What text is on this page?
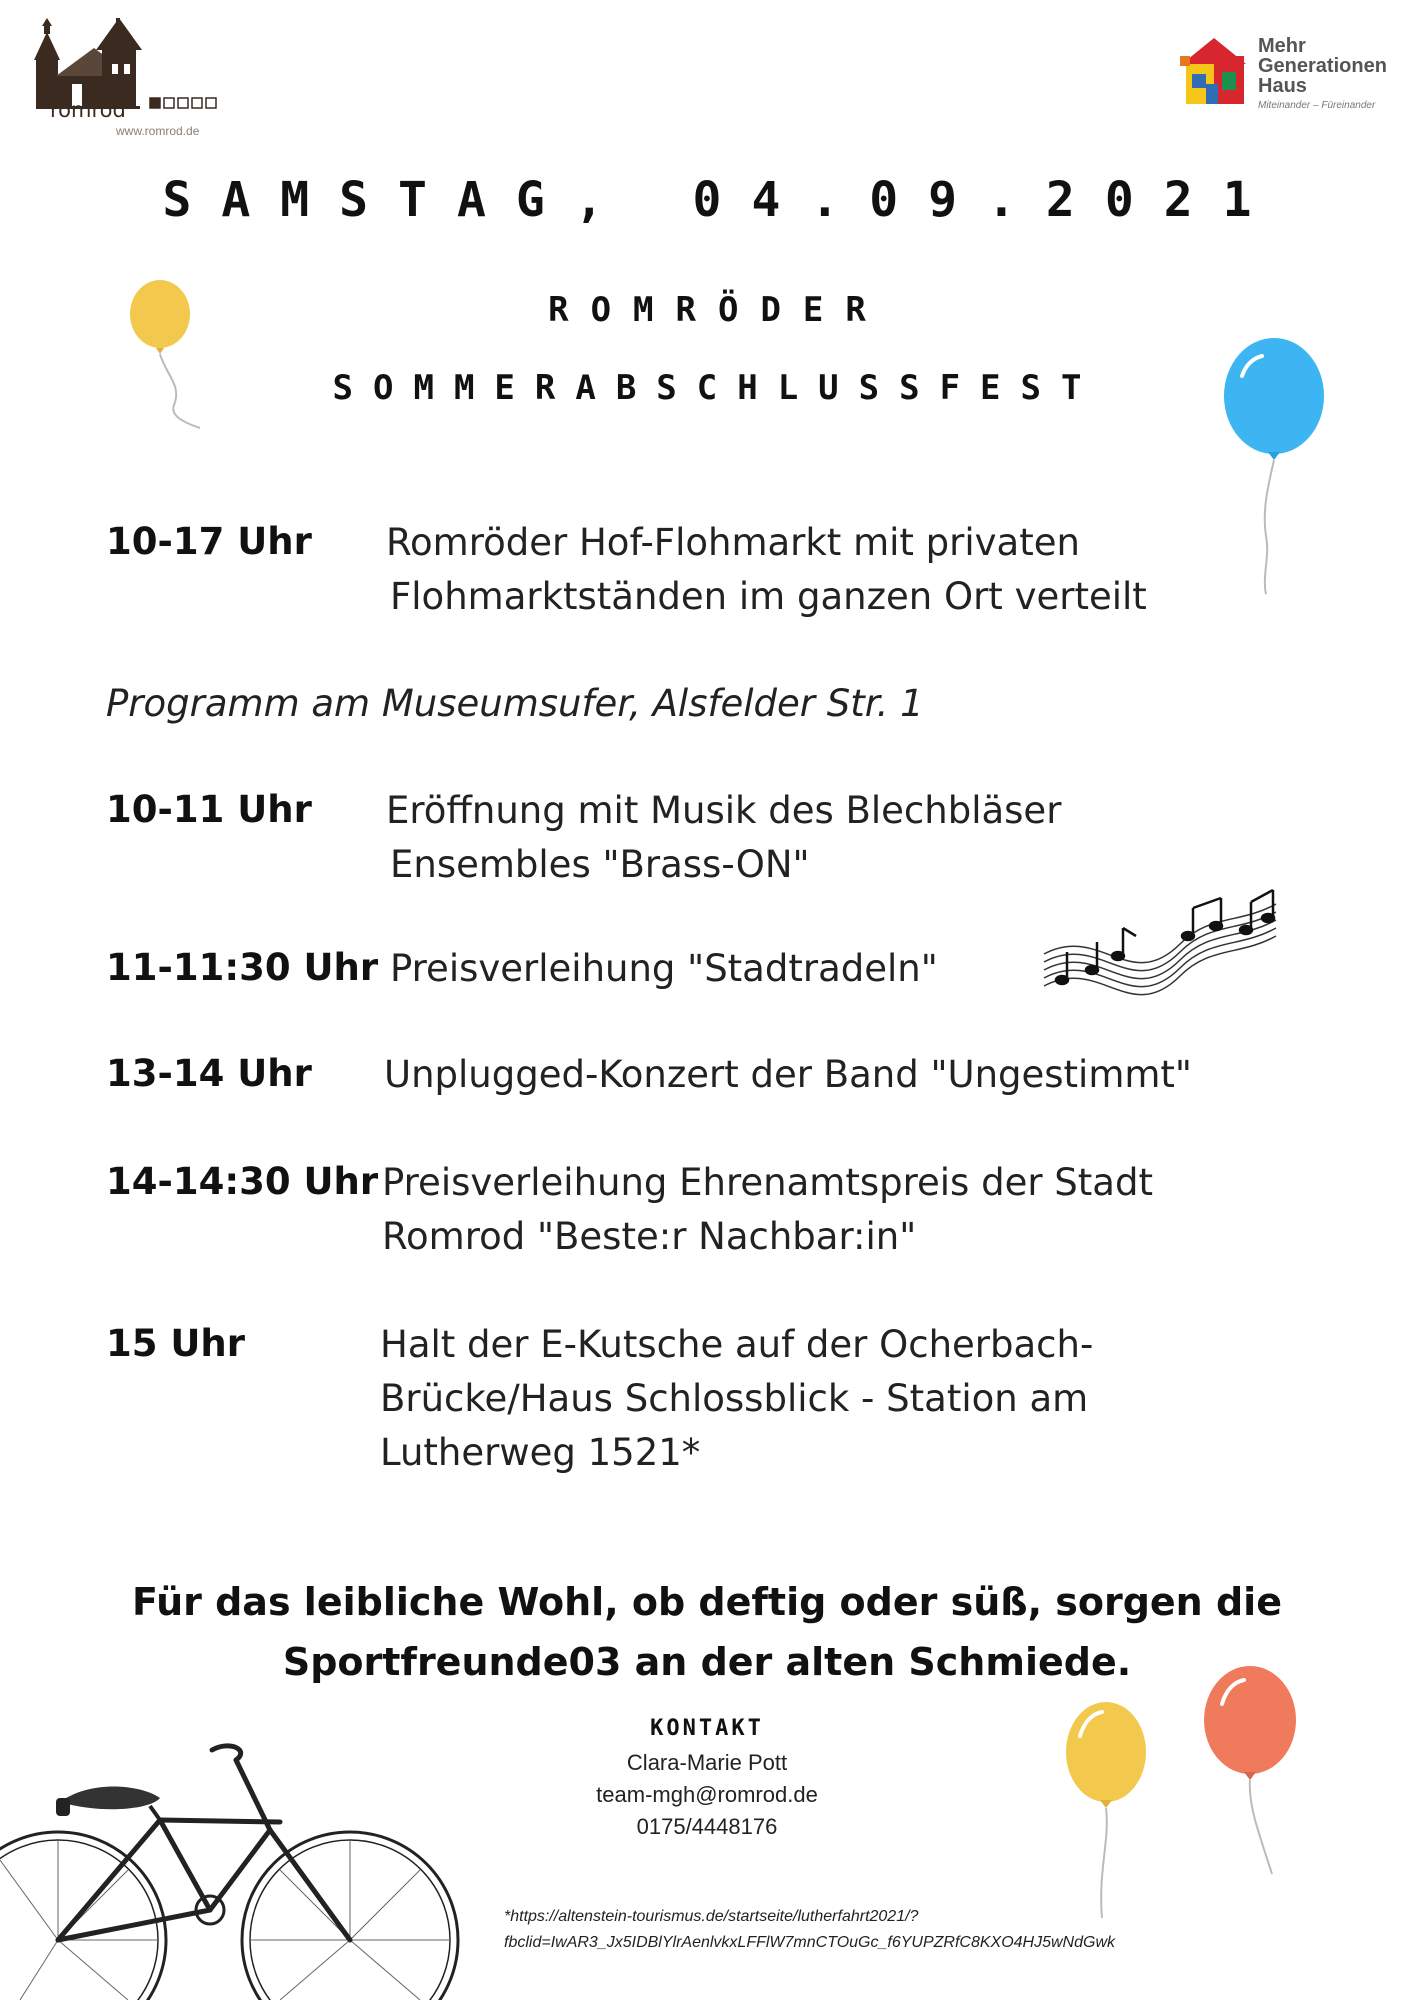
romrod
www.romrod.de
Mehr
Generationen
Haus
Miteinander – Füreinander
SAMSTAG, 04.09.2021
ROMRÖDER
SOMMERABSCHLUSSFEST
10-17 Uhr Romröder Hof-Flohmarkt mit privaten
Flohmarktständen im ganzen Ort verteilt
Programm am Museumsufer, Alsfelder Str. 1
10-11 Uhr Eröffnung mit Musik des Blechbläser
Ensembles "Brass-ON"
11-11:30 Uhr Preisverleihung "Stadtradeln"
13-14 Uhr Unplugged-Konzert der Band "Ungestimmt"
14-14:30 Uhr Preisverleihung Ehrenamtspreis der Stadt
Romrod "Beste:r Nachbar:in"
15 Uhr	Halt der E-Kutsche auf der Ocherbach-
Brücke/Haus Schlossblick - Station am
Lutherweg 1521*
Für das leibliche Wohl, ob deftig oder süß, sorgen die
Sportfreunde03 an der alten Schmiede.
KONTAKT
Clara-Marie Pott
team-mgh@romrod.de
0175/4448176
*https://altenstein-tourismus.de/startseite/lutherfahrt2021/?
fbclid=IwAR3_Jx5IDBlYlrAenlvkxLFFlW7mnCTOuGc_f6YUPZRfC8KXO4HJ5wNdGwk
